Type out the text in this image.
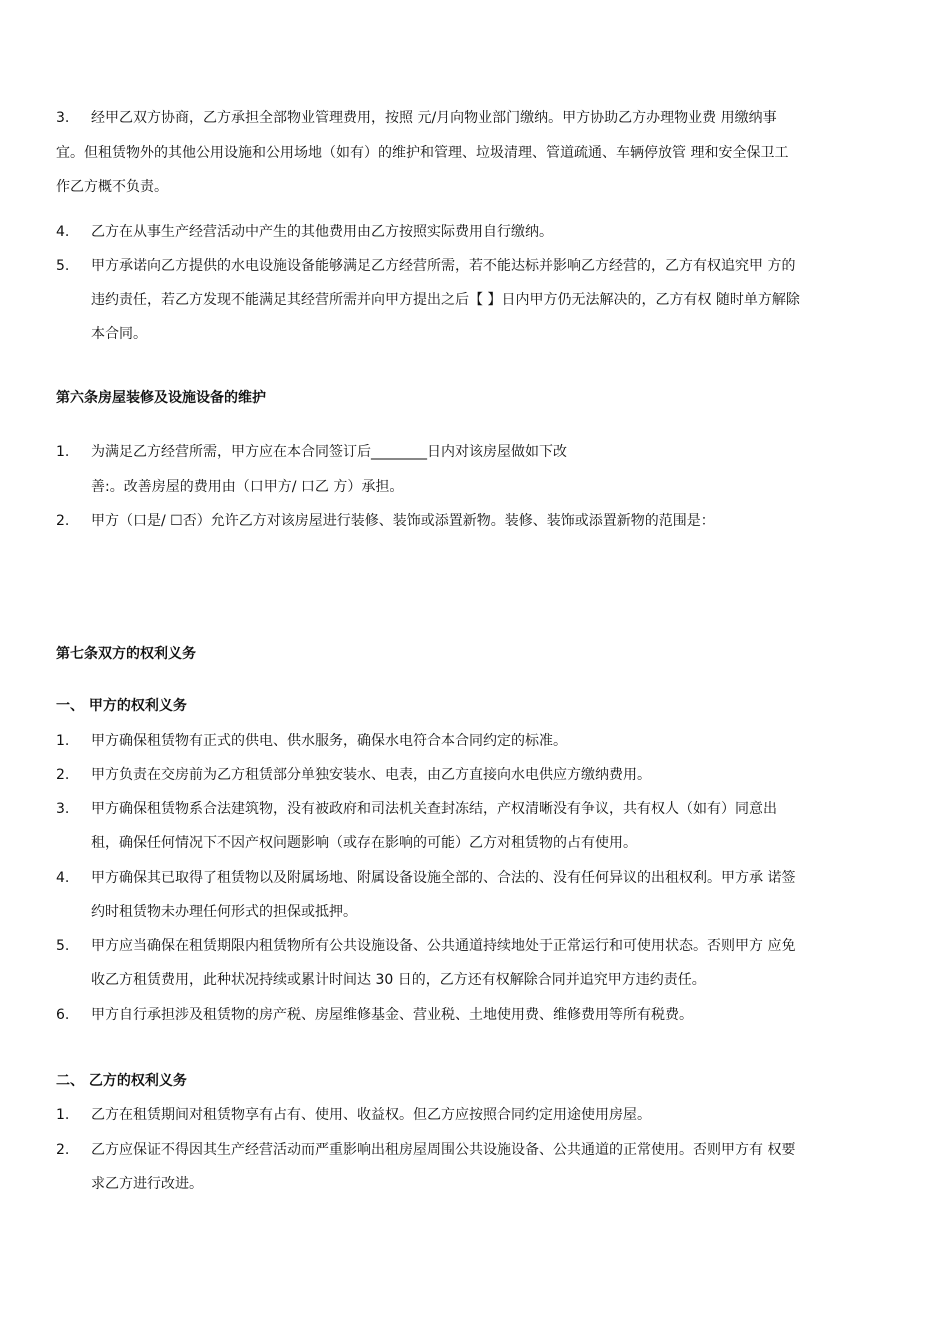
3. 经甲乙双方协商，乙方承担全部物业管理费用，按照 元/月向物业部门缴纳。甲方协助乙方办理物业费 用缴纳事
宜。但租赁物外的其他公用设施和公用场地（如有）的维护和管理、垃圾清理、管道疏通、车辆停放管 理和安全保卫工
作乙方概不负责。
4. 乙方在从事生产经营活动中产生的其他费用由乙方按照实际费用自行缴纳。
5. 甲方承诺向乙方提供的水电设施设备能够满足乙方经营所需，若不能达标并影响乙方经营的，乙方有权追究甲 方的
违约责任，若乙方发现不能满足其经营所需并向甲方提出之后【 】日内甲方仍无法解决的，乙方有权 随时单方解除
本合同。
第六条房屋装修及设施设备的维护
1. 为满足乙方经营所需，甲方应在本合同签订后________日内对该房屋做如下改
善:。改善房屋的费用由（口甲方/ 口乙 方）承担。
2. 甲方（口是/ ☐否）允许乙方对该房屋进行装修、装饰或添置新物。装修、装饰或添置新物的范围是：
第七条双方的权利义务
一、 甲方的权利义务
1. 甲方确保租赁物有正式的供电、供水服务，确保水电符合本合同约定的标准。
2. 甲方负责在交房前为乙方租赁部分单独安装水、电表，由乙方直接向水电供应方缴纳费用。
3. 甲方确保租赁物系合法建筑物，没有被政府和司法机关查封冻结，产权清晰没有争议，共有权人（如有）同意出
租，确保任何情况下不因产权问题影响（或存在影响的可能）乙方对租赁物的占有使用。
4. 甲方确保其已取得了租赁物以及附属场地、附属设备设施全部的、合法的、没有任何异议的出租权利。甲方承 诺签
约时租赁物未办理任何形式的担保或抵押。
5. 甲方应当确保在租赁期限内租赁物所有公共设施设备、公共通道持续地处于正常运行和可使用状态。否则甲方 应免
收乙方租赁费用，此种状况持续或累计时间达 30 日的，乙方还有权解除合同并追究甲方违约责任。
6. 甲方自行承担涉及租赁物的房产税、房屋维修基金、营业税、土地使用费、维修费用等所有税费。
二、 乙方的权利义务
1. 乙方在租赁期间对租赁物享有占有、使用、收益权。但乙方应按照合同约定用途使用房屋。
2. 乙方应保证不得因其生产经营活动而严重影响出租房屋周围公共设施设备、公共通道的正常使用。否则甲方有 权要
求乙方进行改进。
